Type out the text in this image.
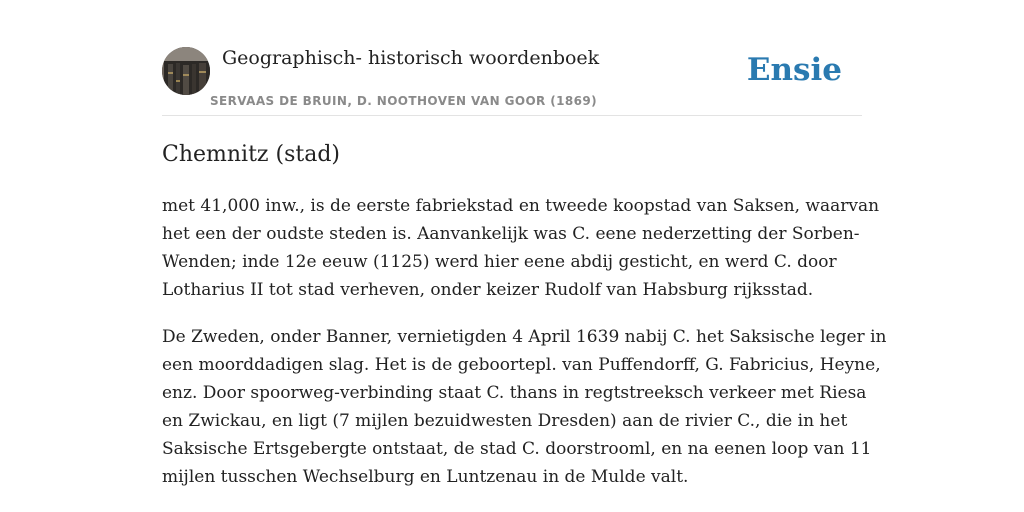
Geographisch- historisch woordenboek
SERVAAS DE BRUIN, D. NOOTHOVEN VAN GOOR (1869)
Ensie
Chemnitz (stad)

met 41,000 inw., is de eerste fabriekstad en tweede koopstad van Saksen, waarvan
het een der oudste steden is. Aanvankelijk was C. eene nederzetting der Sorben-
Wenden; inde 12e eeuw (1125) werd hier eene abdij gesticht, en werd C. door
Lotharius II tot stad verheven, onder keizer Rudolf van Habsburg rijksstad.

De Zweden, onder Banner, vernietigden 4 April 1639 nabij C. het Saksische leger in
een moorddadigen slag. Het is de geboortepl. van Puffendorff, G. Fabricius, Heyne,
enz. Door spoorweg-verbinding staat C. thans in regtstreeksch verkeer met Riesa
en Zwickau, en ligt (7 mijlen bezuidwesten Dresden) aan de rivier C., die in het
Saksische Ertsgebergte ontstaat, de stad C. doorstrooml, en na eenen loop van 11
mijlen tusschen Wechselburg en Luntzenau in de Mulde valt.
